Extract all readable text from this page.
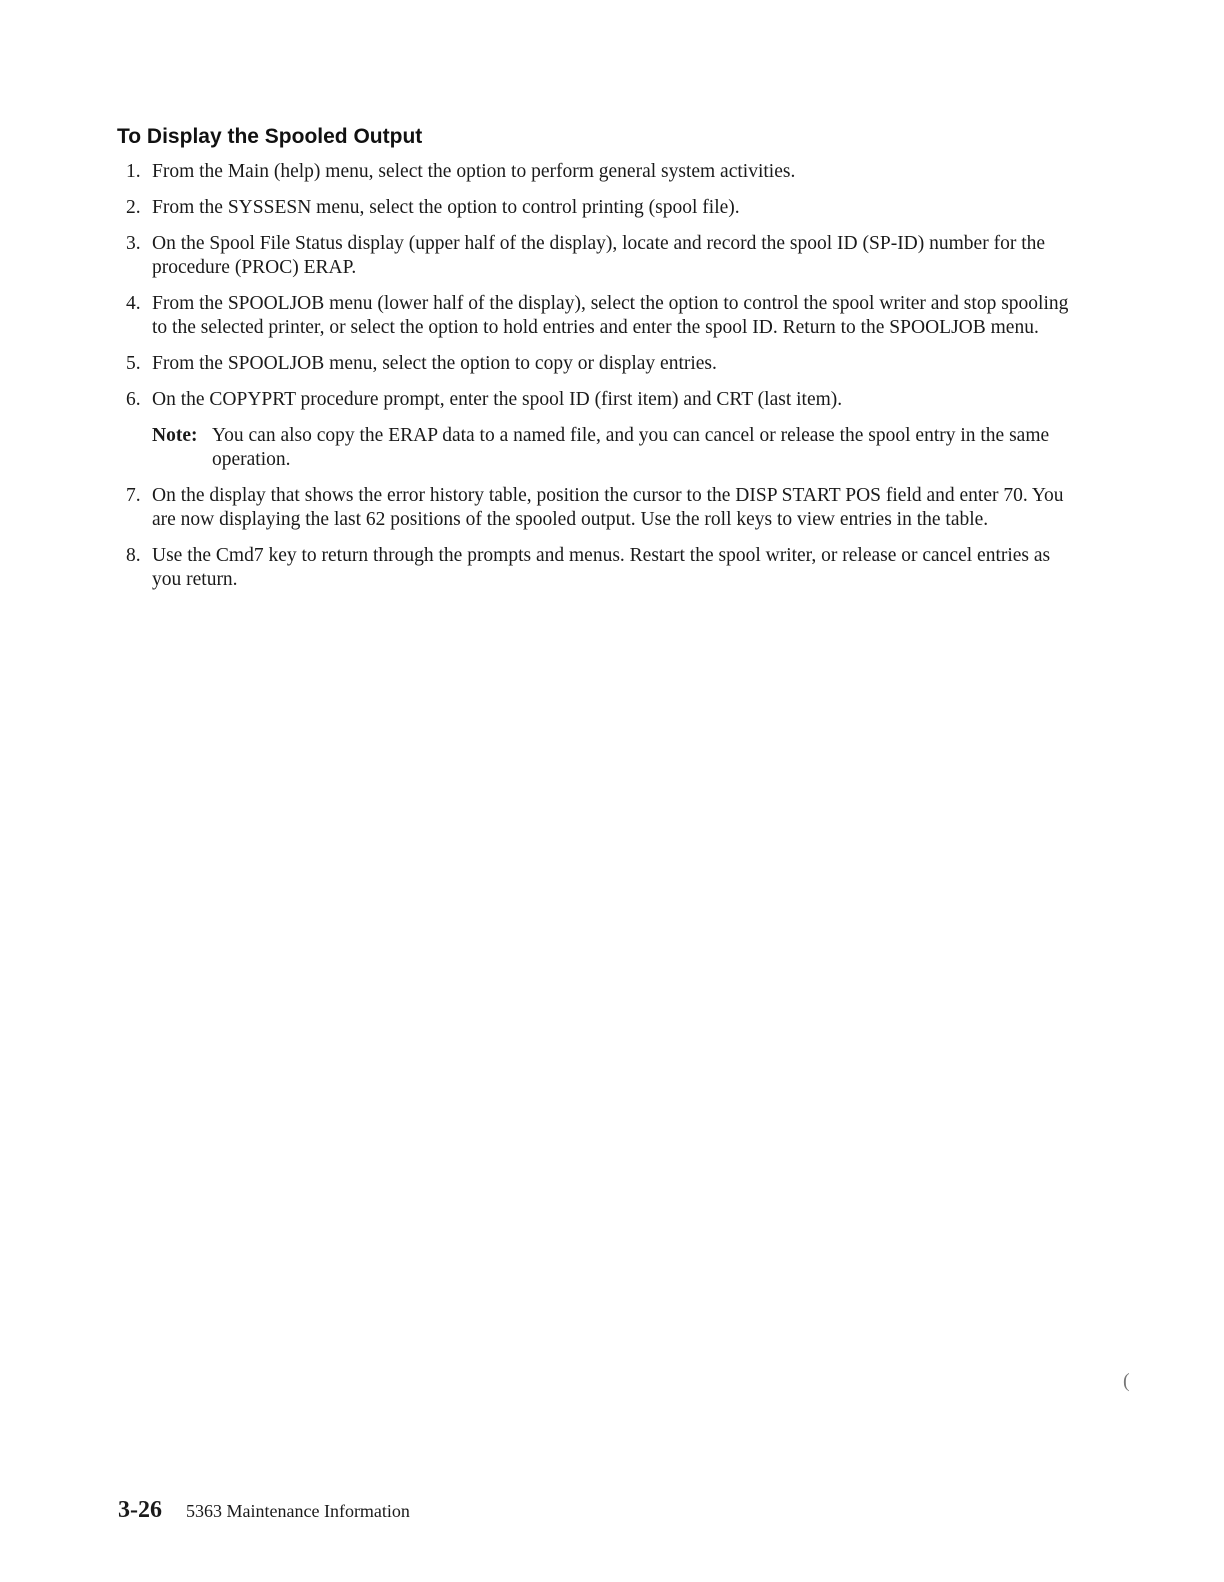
To Display the Spooled Output
1. From the Main (help) menu, select the option to perform general system activities.
2. From the SYSSESN menu, select the option to control printing (spool file).
3. On the Spool File Status display (upper half of the display), locate and record the spool ID (SP-ID) number for the procedure (PROC) ERAP.
4. From the SPOOLJOB menu (lower half of the display), select the option to control the spool writer and stop spooling to the selected printer, or select the option to hold entries and enter the spool ID. Return to the SPOOLJOB menu.
5. From the SPOOLJOB menu, select the option to copy or display entries.
6. On the COPYPRT procedure prompt, enter the spool ID (first item) and CRT (last item).
Note: You can also copy the ERAP data to a named file, and you can cancel or release the spool entry in the same operation.
7. On the display that shows the error history table, position the cursor to the DISP START POS field and enter 70. You are now displaying the last 62 positions of the spooled output. Use the roll keys to view entries in the table.
8. Use the Cmd7 key to return through the prompts and menus. Restart the spool writer, or release or cancel entries as you return.
(
3-26 5363 Maintenance Information
